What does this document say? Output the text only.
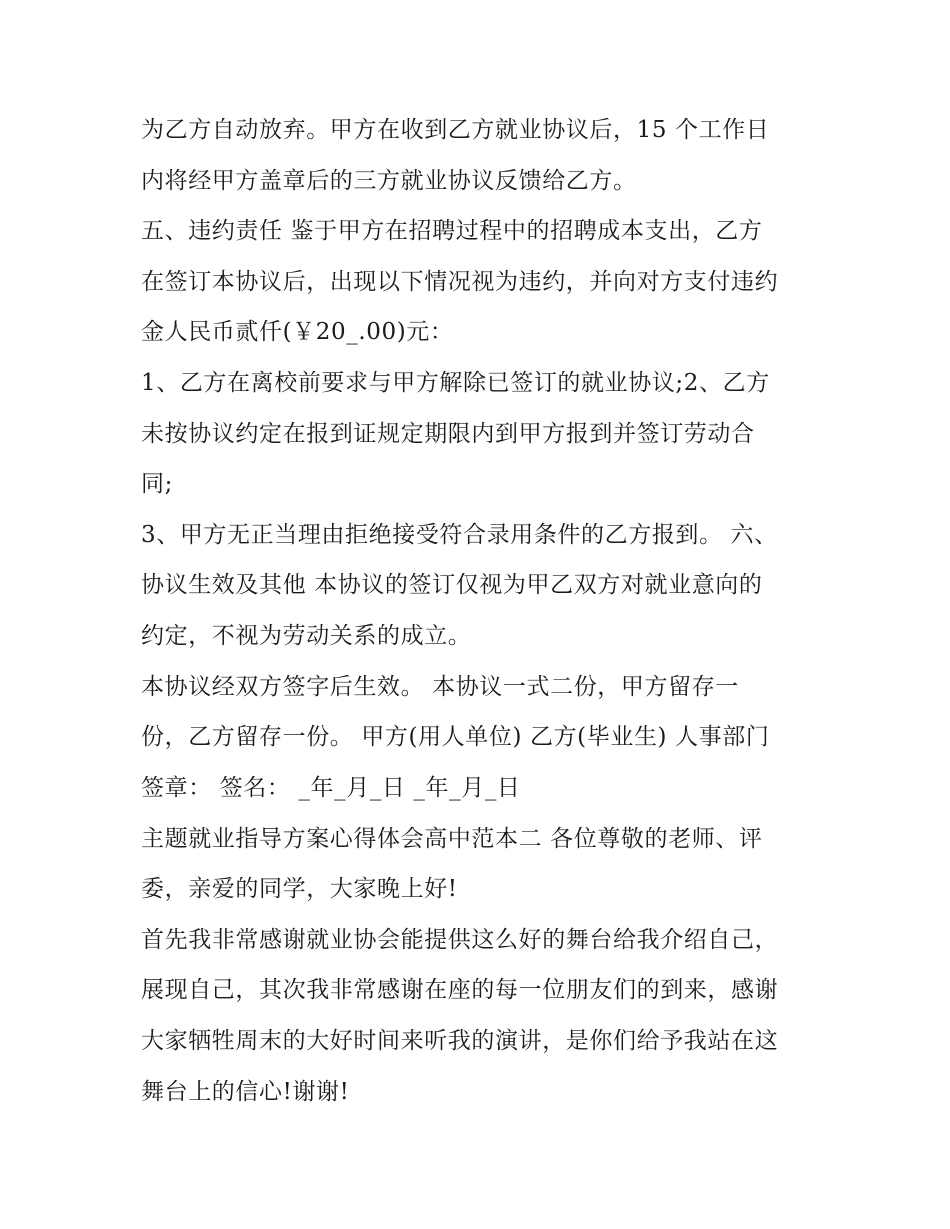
为乙方自动放弃。甲方在收到乙方就业协议后，15 个工作日
内将经甲方盖章后的三方就业协议反馈给乙方。
五、违约责任 鉴于甲方在招聘过程中的招聘成本支出，乙方
在签订本协议后，出现以下情况视为违约，并向对方支付违约
金人民币贰仟(￥20_.00)元：
1、乙方在离校前要求与甲方解除已签订的就业协议;2、乙方
未按协议约定在报到证规定期限内到甲方报到并签订劳动合
同;
3、甲方无正当理由拒绝接受符合录用条件的乙方报到。 六、
协议生效及其他 本协议的签订仅视为甲乙双方对就业意向的
约定，不视为劳动关系的成立。
本协议经双方签字后生效。 本协议一式二份，甲方留存一
份，乙方留存一份。 甲方(用人单位) 乙方(毕业生) 人事部门
签章： 签名： _年_月_日 _年_月_日
主题就业指导方案心得体会高中范本二 各位尊敬的老师、评
委，亲爱的同学，大家晚上好!
首先我非常感谢就业协会能提供这么好的舞台给我介绍自己，
展现自己，其次我非常感谢在座的每一位朋友们的到来，感谢
大家牺牲周末的大好时间来听我的演讲，是你们给予我站在这
舞台上的信心!谢谢!
